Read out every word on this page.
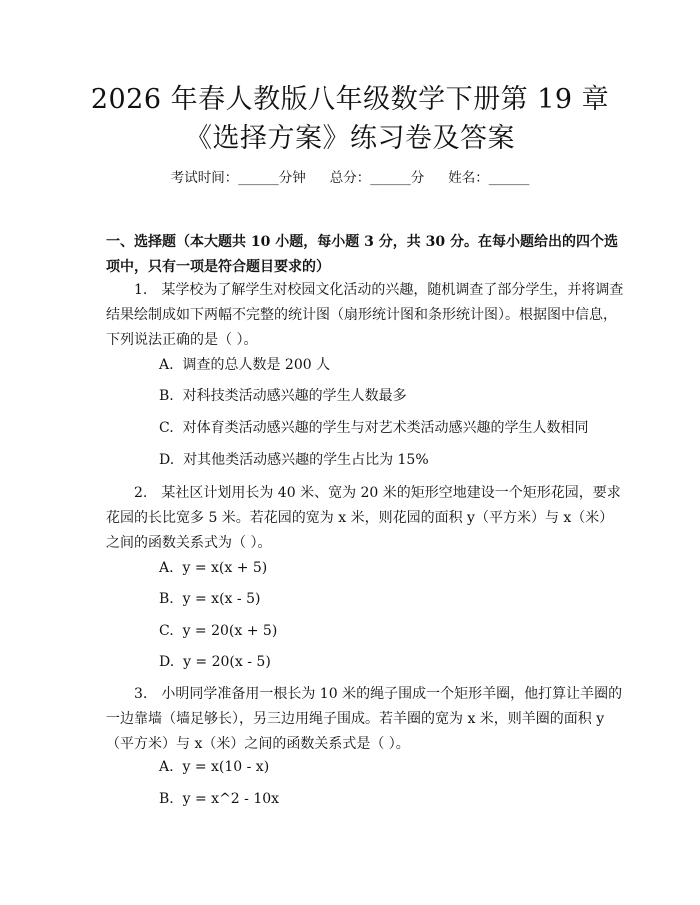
2026 年春人教版八年级数学下册第 19 章
《选择方案》练习卷及答案
考试时间：______分钟 总分：______分 姓名：______
一、选择题（本大题共 10 小题，每小题 3 分，共 30 分。在每小题给出的四个选项中，只有一项是符合题目要求的）
1.　某学校为了解学生对校园文化活动的兴趣，随机调查了部分学生，并将调查结果绘制成如下两幅不完整的统计图（扇形统计图和条形统计图）。根据图中信息，下列说法正确的是（ ）。
A.  调查的总人数是 200 人
B.  对科技类活动感兴趣的学生人数最多
C.  对体育类活动感兴趣的学生与对艺术类活动感兴趣的学生人数相同
D.  对其他类活动感兴趣的学生占比为 15%
2.　某社区计划用长为 40 米、宽为 20 米的矩形空地建设一个矩形花园，要求花园的长比宽多 5 米。若花园的宽为 x 米，则花园的面积 y（平方米）与 x（米）之间的函数关系式为（ ）。
A.  y = x(x + 5)
B.  y = x(x - 5)
C.  y = 20(x + 5)
D.  y = 20(x - 5)
3.　小明同学准备用一根长为 10 米的绳子围成一个矩形羊圈，他打算让羊圈的一边靠墙（墙足够长），另三边用绳子围成。若羊圈的宽为 x 米，则羊圈的面积 y（平方米）与 x（米）之间的函数关系式是（ ）。
A.  y = x(10 - x)
B.  y = x^2 - 10x
